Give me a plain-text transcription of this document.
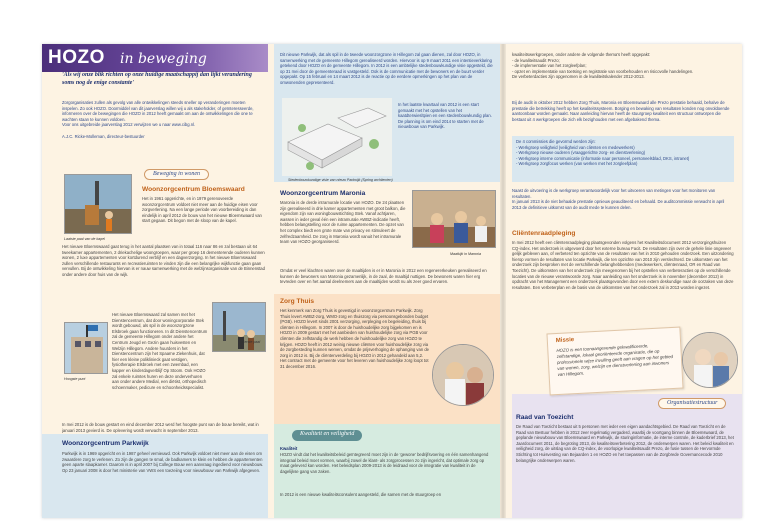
HOZO in beweging
'Als wij onze blik richten op onze huidige maatschappij dan lijkt verandering soms nog de enige constante'
Zorgorganisaties zullen als gevolg van alle ontwikkelingen steeds sneller op veranderingen moeten inspelen. Zo ook HOZO. Doormiddel van dit jaarverslag willen wij u als stakeholder, of geïnteresseerde, informeren over de bewegingen die HOZO in 2012 heeft gemaakt om aan de ontwikkelingen die one te wachten staan te kunnen voldoen.
Voor ons uitgebreide jaarverslag 2012 verwijzen we u naar www.cibg.nl.

A.J.C. Ricke-Molleman, directeur-bestuurder
Laatste paal van de kapel
Beweging in wonen
Woonzorgcentrum Bloemswaard
Het in 1961 opgerichte, en in 1979 gerenoveerde woonzorgcentrum voldoet niet meer aan de huidige eisen voor zorgverlening. Na een lange periode van voorbereiding is dan eindelijk in april 2012 de bouw van het nieuwe Bloemswaard van start gegaan. Dit begon met de sloop van de kapel.
Het nieuwe Bloemswaard gaat terug in het aantal plaatsen van in totaal 116 naar 86 en zal bestaan uit 64 tweekamer appartementen, 2 driekachelige woongroepen, waar per groep 16 dementerende ouderen kunnen wonen, 2 luxe appartementen voor kortdurend verblijf en een dagverzorging. In het nieuwe Bloemswaard zullen verschillende restaurants en recreatieruimten te vinden zijn die een belangrijke wijkfunctie gaan gaan vervullen. Bij de ontwikkeling hiervan is er nauw samenwerking met de welzijnsorganisatie van de Binnenstad onder andere door huis van de wijk.
Eerste paal
Hoogste punt
Het nieuwe Bloemswaard zal samen met het Dienstencentrum, dat door woningcorporatie Stek wordt gebouwd, als spil in de woonzorgzone Elsbroek gaan functioneren. In dit Dienstencentrum zal de gemeente Hillegom onder andere het Centrum Jeugd en Gezin gaan huisvesten en Welzijn Hillegom. Andere huurders in het Dienstencentrum zijn het Spaarne Ziekenhuis, dat hier een kleine poliklinieck gaat vestigen, fysiotherapie Elsbroek met een zwembad, een kapper en kinderdagverblijf Op Stoom. Ook HOZO zal enkele ruimtes huren en deze onderverhuren aan onder andere Medial, een diëtist, orthopedisch schoenmaker, pedicure en schoonheidsspecialist.
In mei 2012 is de bouw gestart en eind december 2012 werd het hoogste punt van de bouw bereikt, wat in januari 2013 gevierd is. De oplevering wordt verwacht in september 2013.
Woonzorgcentrum Parkwijk
Parkwijk is in 1969 opgericht en in 1987 geheel vernieuwd. Ook Parkwijk voldoet niet meer aan de eisen om zwaardere zorg te verlenen. Zo zijn de gangen te smal, de badkamers te klein en hebben de appartementen geen aparte slaapkamer. Daarom is in april 2007 bij College Bouw een aanvraag ingediend voor nieuwbouw. Op 23 januari 2008 is door het ministerie van VWS een toezeiing voor nieuwbouw van Parkwijk afgegeven.
Dit nieuwe Parkwijk, dat als spil in de tweede woonzorgzone in Hillegom zal gaan dienen, zal door HOZO, in samenwerking met de gemeente Hillegom gerealiseerd worden. Hiervoor is op 9 maart 2011 een intentieverklaring getekend door HOZO en de gemeente Hillegom. In 2012 is een ambtelijke stedenbouwkundige visie opgesteld, die op 31 mei door de gemeenteraad is vastgesteld. Ook is de communicatie met de bewoners en de buurt verder opgepakt. Op 15 februari en 14 maart 2012 is de reactie op de eerdere opmerkingen op het plan van de omwonenden gepresenteerd.
Stedenbouwkundige visie van nieuw Parkwijk (Spring architecten)
In het laatste kwartaal van 2012 is een start gemaakt met het opstellen van het kaatdterwiesltpien en een stedenbouwkundig plan. De planning is om eind 2014 te starten met de nieuwbouw van Parkwijk.
Woonzorgcentrum Maronia
Maronia is de derde intramurale locatie van HOZO. De 24 plaatsen zijn gerealiseerd in drie kamer appartementen met groot balkon, die eigendom zijn van woningbouwstichting Stek. Vanaf achtjaren, wassen in ieder geval één een intramurale AWBZ-indicatie heeft, hebben belangstelling voor de ruime appartementen. De opzet van het complex biedt een grote mate van privacy en stimuleert de zelfredzaamheid. De zorg in Maronia wordt vanuit het intramurale team van HOZO georganiseerd.
Maatkijk in Maronia
Omdat er veel klachten waren over de maaltijden is er in Maronia in 2012 een regenererkeuken gerealiseerd en kunnen de bewoners van Maronia gezamenlijk, in de zaal, de maaltijd nuttigen. De bewoners waren hier erg tevreden over en het aantal deelnemers aan de maaltijden wordt nu als zeer goed ervaren.
Zorg Thuis
Het kenmerk van Zorg Thuis is gevestigd in woonzorgcentrum Parkwijk. Zorg Thuis levert AWBZ-zorg, WMO-zorg en thuiszorg via persoonsgebonden budget (PGB). HOZO levert sinds 2001 verzorging, verpleging en begeleiding, thuis bij cliënten in Hillegom. In 2007 is door de huishoudelijke zorg bijgekomen en is HOZO in 2009 gestart met het aanbieden van huishoudelijke zorg via PGB voor cliënten die zelfstandig de werk hebben de huishoudelijke zorg van HOZO te krijgen. HOZO heeft in 2012 weinig nieuwe cliënten voor huishoudelijke zorg via de zorgbesteding kunnen werven, omdat de prijsverhoging de ophanging van de zorg in 2012 is. Bij de cliëntenverdeling bij HOZO in 2012 gehandeld aan 5,2. Het contract met de gemeente voor het leveren van huishoudelijke zorg loopt tot 31 december 2016.
Kwaliteit en veiligheid
Kwaliteit
HOZO vindt dat het kwaliteitsbeleid geïntegreerd moet zijn in de 'gewone' bedrijfsvoering en één samenhangend integraal beleid moet vormen, waarbij zowel de klant- als zorgprocessen zo zijn ingericht, dat optimale zorg op maat geleverd kan worden. Het beleidsplan 2009-2013 is de leidraad voor de integratie van kwaliteit in de dagelijkse gang van zaken.
In 2012 is een nieuwe kwaliteitsconsulent aangesteld, die samen met de stuurgroep en
kwaliteitswerkgroepen, onder andere de volgende thema's heeft opgepakt:
- de kwaliteitsaudit Prezo;
- de implementatie van het zorgleefplan;
- opzet en implementatie van toetsing en registratie van voorbehouden en risicovolle handelingen.
De verbeterdacties zijn opgenomen in de kwaliteitskalender 2012-2013.
Bij de audit in oktober 2012 hebben Zorg Thuis, Maronia en Bloemswaard alle Prezo prestatie behaald, behalve de prestatie die betrekking heeft op het kwaliteitssysteem. Borging en bewaking van resultaten konden nog onvoldoende aantoonbaar worden gemaakt. Naar aanleiding hiervan heeft de stuurgroep kwaliteit een structuur ontworpen die bestaat uit 4 werkgroepen die zich elk bezighouden met een afgebakend thema.
De 4 commissies die gevormd werden zijn:
- Werkgroep veiligheid (veiligheid van cliënten en medewerkers)
- Werkgroep nieuwe ouderen (vraaggerichte zorg- en dienstverlening)
- Werkgroep interne communicatie (informatie naar personeel, personeelsblad, DKS, intranet)
- Werkgroep zorgfocus werken (van werken met het zorgleefplan)
Naast de uitvoering is de werkgroep verantwoordelijk voor het uitvoeren van metingen voor het monitoren van resultaten.
In januari 2013 is de niet behaalde prestatie opnieuw geauditeerd en behaald. De auditcommissie verwacht in april 2013 de definitieve uitkomst van de audit mede te kunnen delen.
Cliëntenraadpleging
In mei 2012 heeft een cliëntenraadpleging plaatsgevonden volgens het Kwaliteitsdocument 2012 verzorgingshuizen CQ-index. Het onderzoek is uitgevoerd door het externe bureau Facit. De resultaten zijn over de gehele linie ongeveer gelijk gebleven aan, of verbeterd ten opzichte van de resultaten van het in 2010 gehouden onderzoek. Een uitzondering hierop vormen de resultaten van locatie Parkwijk, die ten opzichte van 2010 zijn verslechterd. De uitkomsten van het onderzoek zijn besproken met de verschillende belanghebbenden (medewerkers, cliëntenraad, OR en Raad van Toezicht). De uitkomsten van het onderzoek zijn meegenomen bij het opstellen van verbeteracties op de verschillende locaties van de nieuwe verantwoorde zorg. Naar aanleiding van het onderzoek is in november (december 2012) in opdracht van het Management een onderzoek plaatsgevonden door een extern deskundige naar de oorzaken van deze resultaten. Een verbeterplan en de basis van de uitkomsten van het onderzoek zal in 2013 worden ingezet.
Missie
HOZO is een toonaangevende gekwalificeerde, zelfstandige, lokaal georiënteerde organisatie, die op professionele wijze invulling geeft aan vragen op het gebied van wonen, zorg, welzijn en dienstverlening aan inwoners van Hillegom.
Organisatiestructuur
Raad van Toezicht
De Raad van Toezicht bestaat uit 5 personen met ieder een eigen aandachtsgebied. De Raad van Toezicht en de Raad van Bestuur hebben in 2012 zeer regelmatig vergaderd, waarbij de voortgang binnen de Bloemswaard, de geplande nieuwbouw van Bloemswaard en Parkwijk, de sturinginformatie, de interne controle, de kaderbrief 2013, het Jaardocument 2011, de begroting 2013, de kwaliteitsverbetering 2012, de onderwerpen waren. Het beleid kwaliteit en veiligheid zorg, de uitslag van de CQ-index, de voorlopige kwaliteitsaudit Prezo, de fusie tussen de Hervormde Stichting tot Huisvesting van Bejaarden 1 en HOZO en het toepassen van de Zorgbrede Governancecode 2010 belangrijke onderwerpen waren.
